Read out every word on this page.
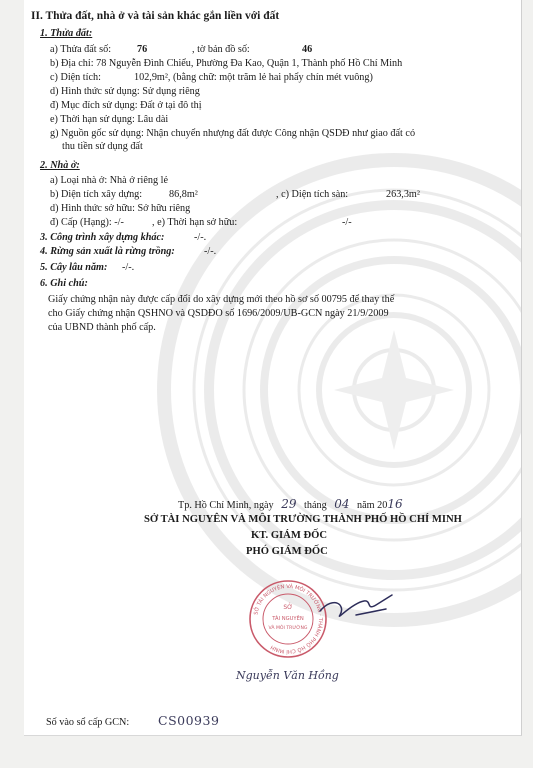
II. Thửa đất, nhà ở và tài sản khác gắn liền với đất
1. Thửa đất:
a) Thửa đất số:	76	, tờ bản đồ số:	46
b) Địa chỉ: 78 Nguyễn Đình Chiểu, Phường Đa Kao, Quận 1, Thành phố Hồ Chí Minh
c) Diện tích:	102,9m², (bằng chữ: một trăm lẻ hai phẩy chín mét vuông)
d) Hình thức sử dụng: Sử dụng riêng
đ) Mục đích sử dụng: Đất ở tại đô thị
e) Thời hạn sử dụng: Lâu dài
g) Nguồn gốc sử dụng: Nhận chuyển nhượng đất được Công nhận QSDĐ như giao đất có
thu tiền sử dụng đất
2. Nhà ở:
a) Loại nhà ở: Nhà ở riêng lẻ
b) Diện tích xây dựng:	86,8m²	, c) Diện tích sàn:	263,3m²
d) Hình thức sở hữu: Sở hữu riêng
đ) Cấp (Hạng): -/-	, e) Thời hạn sở hữu:	-/-
3. Công trình xây dựng khác:	-/-.
4. Rừng sản xuất là rừng trồng:	-/-.
5. Cây lâu năm: -/-.
6. Ghi chú:
Giấy chứng nhận này được cấp đổi do xây dựng mới theo hồ sơ số 00795 để thay thế
cho Giấy chứng nhận QSHNO và QSDĐO số 1696/2009/UB-GCN ngày 21/9/2009
của UBND thành phố cấp.
Tp. Hồ Chí Minh, ngày 29 tháng 04 năm 2016
SỞ TÀI NGUYÊN VÀ MÔI TRƯỜNG THÀNH PHỐ HỒ CHÍ MINH
KT. GIÁM ĐỐC
PHÓ GIÁM ĐỐC
SỞ TÀI NGUYÊN VÀ MÔI TRƯỜNG · THÀNH PHỐ HỒ CHÍ MINH
SỞ
TÀI NGUYÊN
VÀ MÔI TRƯỜNG
Nguyễn Văn Hồng
Số vào sổ cấp GCN: CS00939
